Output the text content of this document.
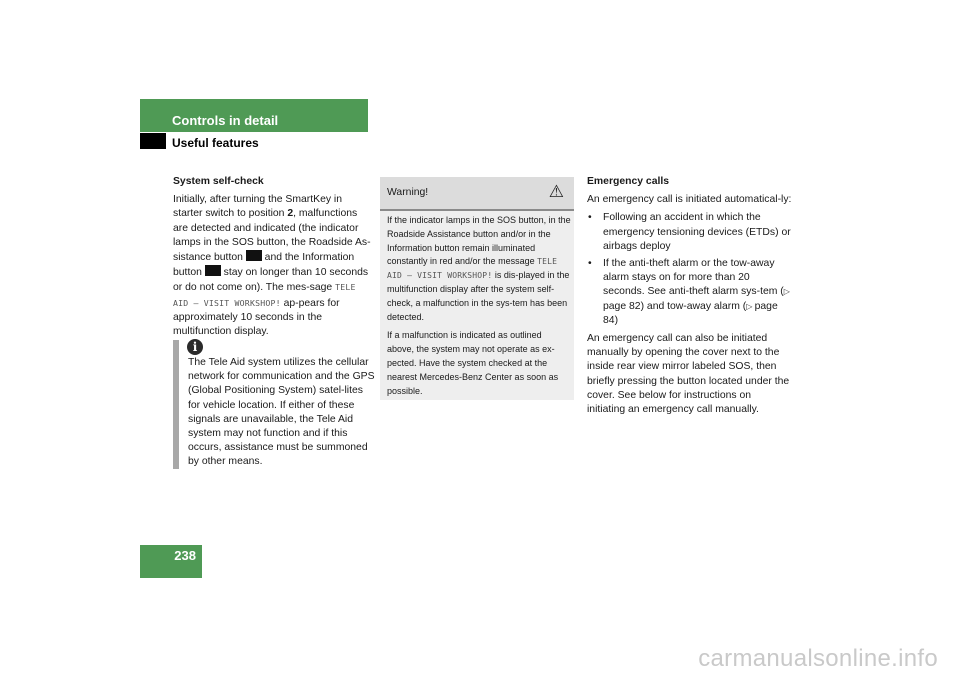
Controls in detail
Useful features
System self-check

Initially, after turning the SmartKey in starter switch to position 2, malfunctions are detected and indicated (the indicator lamps in the SOS button, the Roadside As-sistance button  and the Information button  stay on longer than 10 seconds or do not come on). The mes-sage TELE AID – VISIT WORKSHOP! ap-pears for approximately 10 seconds in the multifunction display.

i
The Tele Aid system utilizes the cellular network for communication and the GPS (Global Positioning System) satel-lites for vehicle location. If either of these signals are unavailable, the Tele Aid system may not function and if this occurs, assistance must be summoned by other means.
Warning!	⚠

If the indicator lamps in the SOS button, in the Roadside Assistance button and/or in the Information button remain illuminated constantly in red and/or the message TELE AID – VISIT WORKSHOP! is dis-played in the multifunction display after the system self-check, a malfunction in the sys-tem has been detected.

If a malfunction is indicated as outlined above, the system may not operate as ex-pected. Have the system checked at the nearest Mercedes-Benz Center as soon as possible.

Emergency calls

An emergency call is initiated automatical-ly:

• Following an accident in which the emergency tensioning devices (ETDs) or airbags deploy
• If the anti-theft alarm or the tow-away alarm stays on for more than 20 seconds. See anti-theft alarm sys-tem (▷ page 82) and tow-away alarm (▷ page 84)

An emergency call can also be initiated manually by opening the cover next to the inside rear view mirror labeled SOS, then briefly pressing the button located under the cover. See below for instructions on initiating an emergency call manually.

238
carmanualsonline.info
